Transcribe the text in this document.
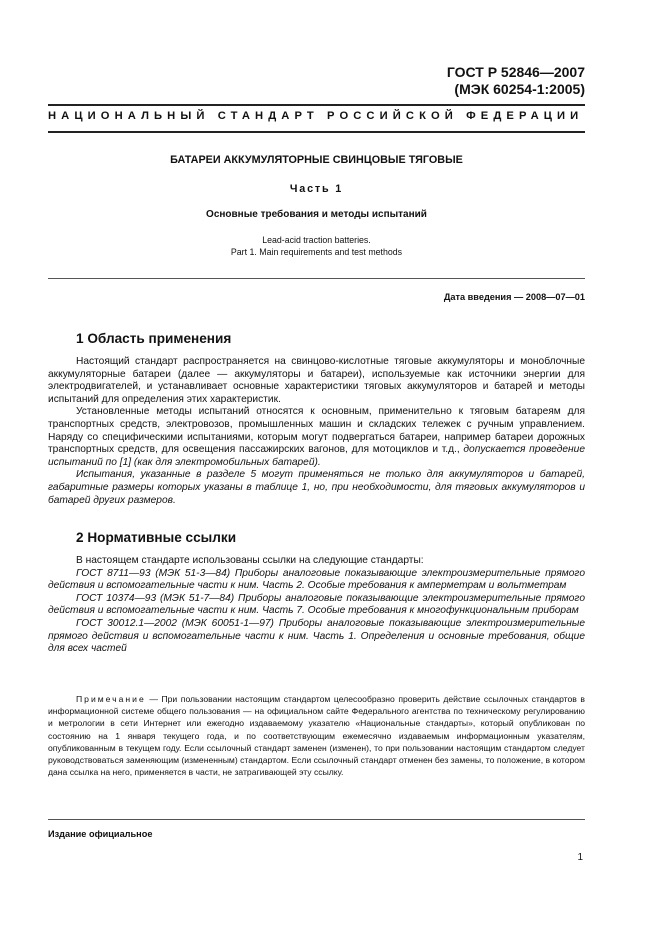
ГОСТ Р 52846—2007
(МЭК 60254-1:2005)
НАЦИОНАЛЬНЫЙ СТАНДАРТ РОССИЙСКОЙ ФЕДЕРАЦИИ
БАТАРЕИ АККУМУЛЯТОРНЫЕ СВИНЦОВЫЕ ТЯГОВЫЕ
Часть 1
Основные требования и методы испытаний
Lead-acid traction batteries.
Part 1. Main requirements and test methods
Дата введения — 2008—07—01
1 Область применения

Настоящий стандарт распространяется на свинцово-кислотные тяговые аккумуляторы и моноблочные аккумуляторные батареи (далее — аккумуляторы и батареи), используемые как источники энергии для электродвигателей, и устанавливает основные характеристики тяговых аккумуляторов и батарей и методы испытаний для определения этих характеристик.

Установленные методы испытаний относятся к основным, применительно к тяговым батареям для транспортных средств, электровозов, промышленных машин и складских тележек с ручным управлением. Наряду со специфическими испытаниями, которым могут подвергаться батареи, например батареи дорожных транспортных средств, для освещения пассажирских вагонов, для мотоциклов и т.д., допускается проведение испытаний по [1] (как для электромобильных батарей).

Испытания, указанные в разделе 5 могут применяться не только для аккумуляторов и батарей, габаритные размеры которых указаны в таблице 1, но, при необходимости, для тяговых аккумуляторов и батарей других размеров.

2 Нормативные ссылки

В настоящем стандарте использованы ссылки на следующие стандарты:

ГОСТ 8711—93 (МЭК 51-3—84) Приборы аналоговые показывающие электроизмерительные прямого действия и вспомогательные части к ним. Часть 2. Особые требования к амперметрам и вольтметрам

ГОСТ 10374—93 (МЭК 51-7—84) Приборы аналоговые показывающие электроизмерительные прямого действия и вспомогательные части к ним. Часть 7. Особые требования к многофункциональным приборам

ГОСТ 30012.1—2002 (МЭК 60051-1—97) Приборы аналоговые показывающие электроизмерительные прямого действия и вспомогательные части к ним. Часть 1. Определения и основные требования, общие для всех частей

Примечание — При пользовании настоящим стандартом целесообразно проверить действие ссылочных стандартов в информационной системе общего пользования — на официальном сайте Федерального агентства по техническому регулированию и метрологии в сети Интернет или ежегодно издаваемому указателю «Национальные стандарты», который опубликован по состоянию на 1 января текущего года, и по соответствующим ежемесячно издаваемым информационным указателям, опубликованным в текущем году. Если ссылочный стандарт заменен (изменен), то при пользовании настоящим стандартом следует руководствоваться заменяющим (измененным) стандартом. Если ссылочный стандарт отменен без замены, то положение, в котором дана ссылка на него, применяется в части, не затрагивающей эту ссылку.

Издание официальное
1
